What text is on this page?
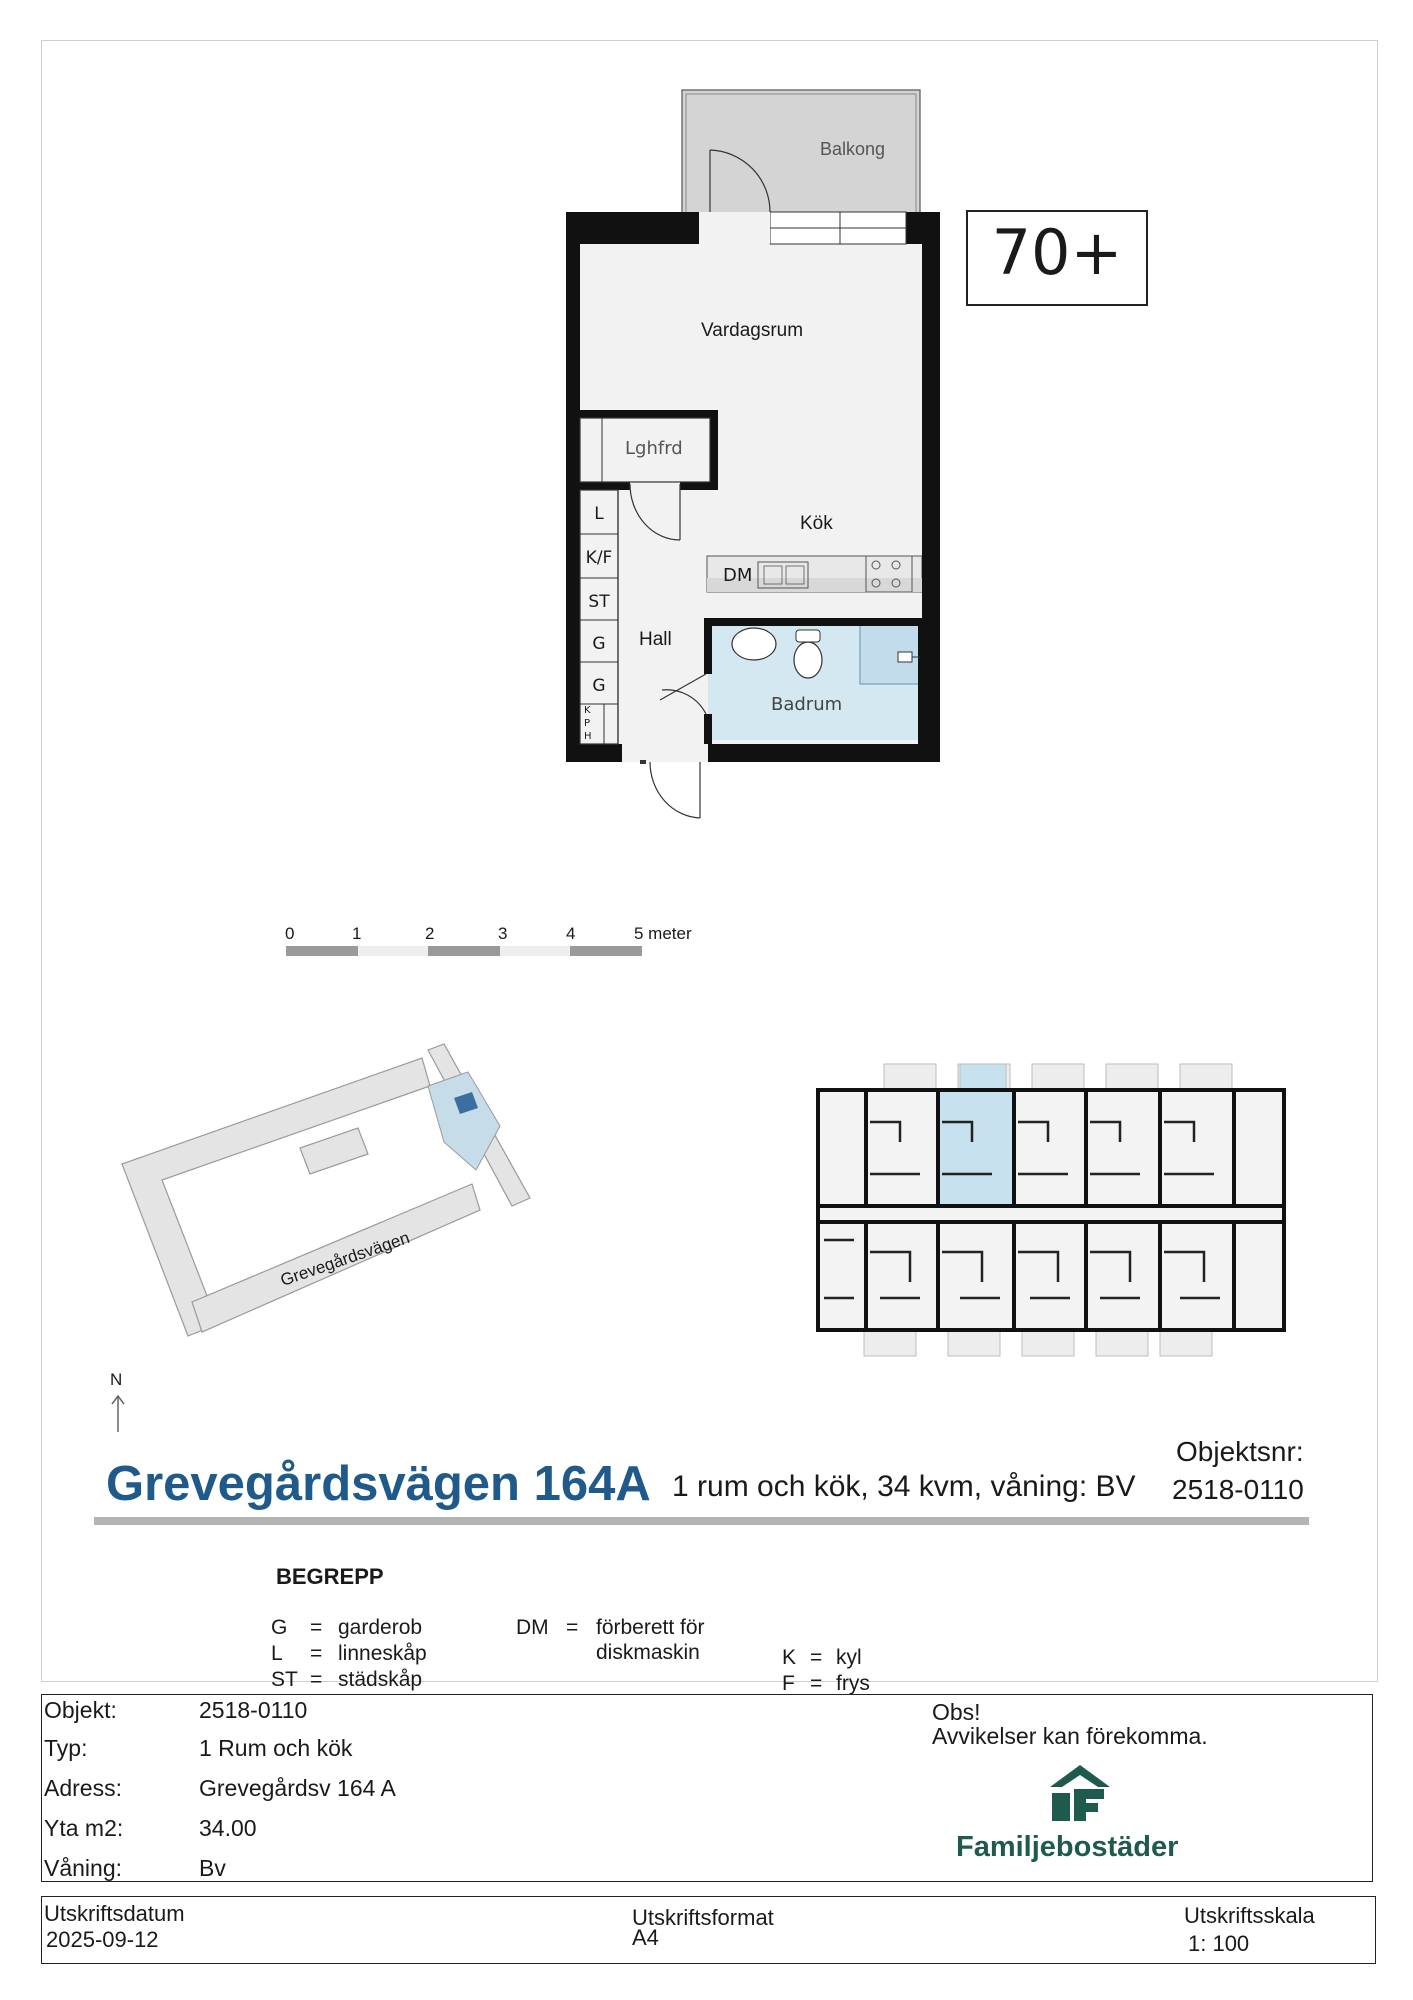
70+
Balkong
Vardagsrum
Lghfrd
Kök
DM
Hall
Badrum
L
K/F
ST
G
G
K
P
H
0	1	2	3	4	5 meter
Grevegårdsvägen
N
Grevegårdsvägen 164A 1 rum och kök, 34 kvm, våning: BV
Objektsnr:
2518-0110
BEGREPP
G = garderob
L = linneskåp
ST = städskåp
DM = förberett för
diskmaskin	K = kyl
F = frys
Objekt:	2518-0110
Typ:	1 Rum och kök
Adress:	Grevegårdsv 164 A
Yta m2:	34.00
Våning:	Bv
Obs!
Avvikelser kan förekomma.
Familjebostäder
Utskriftsdatum
2025-09-12
Utskriftsformat
A4
Utskriftsskala
1: 100
